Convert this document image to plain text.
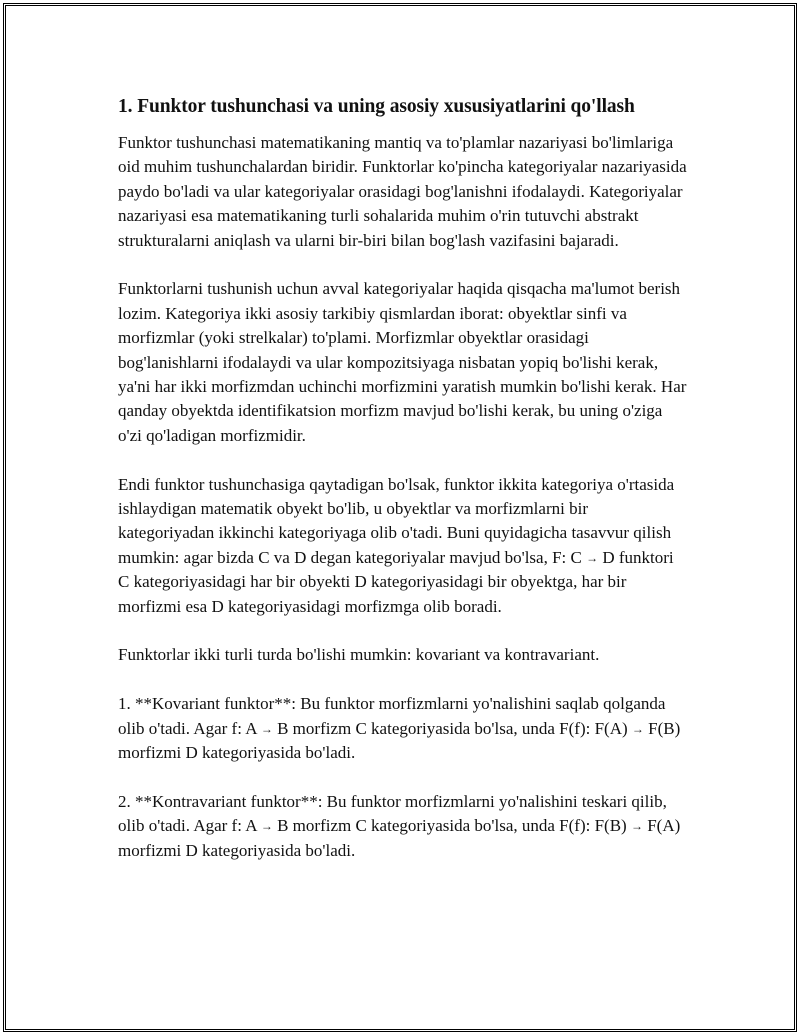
1. Funktor tushunchasi va uning asosiy xususiyatlarini qo'llash

Funktor tushunchasi matematikaning mantiq va to'plamlar nazariyasi bo'limlariga oid muhim tushunchalardan biridir. Funktorlar ko'pincha kategoriyalar nazariyasida paydo bo'ladi va ular kategoriyalar orasidagi bog'lanishni ifodalaydi. Kategoriyalar nazariyasi esa matematikaning turli sohalarida muhim o'rin tutuvchi abstrakt strukturalarni aniqlash va ularni bir-biri bilan bog'lash vazifasini bajaradi.

Funktorlarni tushunish uchun avval kategoriyalar haqida qisqacha ma'lumot berish lozim. Kategoriya ikki asosiy tarkibiy qismlardan iborat: obyektlar sinfi va morfizmlar (yoki strelkalar) to'plami. Morfizmlar obyektlar orasidagi bog'lanishlarni ifodalaydi va ular kompozitsiyaga nisbatan yopiq bo'lishi kerak, ya'ni har ikki morfizmdan uchinchi morfizmini yaratish mumkin bo'lishi kerak. Har qanday obyektda identifikatsion morfizm mavjud bo'lishi kerak, bu uning o'ziga o'zi qo'ladigan morfizmidir.

Endi funktor tushunchasiga qaytadigan bo'lsak, funktor ikkita kategoriya o'rtasida ishlaydigan matematik obyekt bo'lib, u obyektlar va morfizmlarni bir kategoriyadan ikkinchi kategoriyaga olib o'tadi. Buni quyidagicha tasavvur qilish mumkin: agar bizda C va D degan kategoriyalar mavjud bo'lsa, F: C → D funktori C kategoriyasidagi har bir obyekti D kategoriyasidagi bir obyektga, har bir morfizmi esa D kategoriyasidagi morfizmga olib boradi.

Funktorlar ikki turli turda bo'lishi mumkin: kovariant va kontravariant.

1. **Kovariant funktor**: Bu funktor morfizmlarni yo'nalishini saqlab qolganda olib o'tadi. Agar f: A → B morfizm C kategoriyasida bo'lsa, unda F(f): F(A) → F(B) morfizmi D kategoriyasida bo'ladi.

2. **Kontravariant funktor**: Bu funktor morfizmlarni yo'nalishini teskari qilib, olib o'tadi. Agar f: A → B morfizm C kategoriyasida bo'lsa, unda F(f): F(B) → F(A) morfizmi D kategoriyasida bo'ladi.
